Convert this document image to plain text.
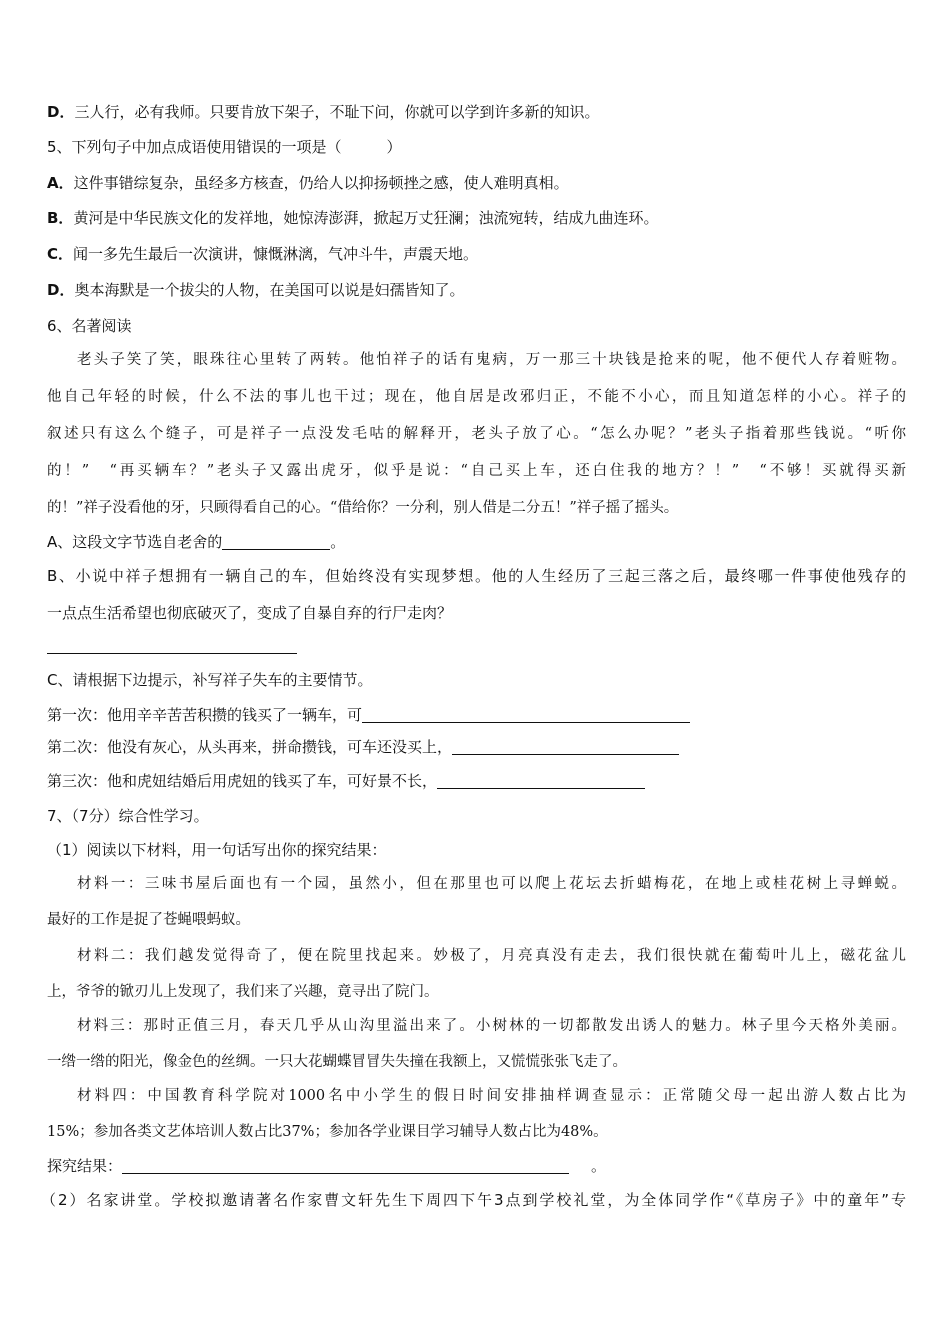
D．三人行，必有我师。只要肯放下架子，不耻下问，你就可以学到许多新的知识。
5、下列句子中加点成语使用错误的一项是（　　　）
A．这件事错综复杂，虽经多方核查，仍给人以抑扬顿挫之感，使人难明真相。
B．黄河是中华民族文化的发祥地，她惊涛澎湃，掀起万丈狂澜；浊流宛转，结成九曲连环。
C．闻一多先生最后一次演讲，慷慨淋漓，气冲斗牛，声震天地。
D．奥本海默是一个拔尖的人物，在美国可以说是妇孺皆知了。
6、名著阅读
老头子笑了笑，眼珠往心里转了两转。他怕祥子的话有鬼病，万一那三十块钱是抢来的呢，他不便代人存着赃物。
他自己年轻的时候，什么不法的事儿也干过；现在，他自居是改邪归正，不能不小心，而且知道怎样的小心。祥子的
叙述只有这么个缝子，可是祥子一点没发毛咕的解释开，老头子放了心。“怎么办呢？”老头子指着那些钱说。“听你
的！”　“再买辆车？”老头子又露出虎牙，似乎是说：“自己买上车，还白住我的地方？！”　“不够！买就得买新
的！”祥子没看他的牙，只顾得看自己的心。“借给你？一分利，别人借是二分五！”祥子摇了摇头。
A、这段文字节选自老舍的	。
B、小说中祥子想拥有一辆自己的车，但始终没有实现梦想。他的人生经历了三起三落之后，最终哪一件事使他残存的
一点点生活希望也彻底破灭了，变成了自暴自弃的行尸走肉？
C、请根据下边提示，补写祥子失车的主要情节。
第一次：他用辛辛苦苦积攒的钱买了一辆车，可
第二次：他没有灰心，从头再来，拼命攒钱，可车还没买上，
第三次：他和虎妞结婚后用虎妞的钱买了车，可好景不长，
7、（7分）综合性学习。
（1）阅读以下材料，用一句话写出你的探究结果：
材料一：三味书屋后面也有一个园，虽然小，但在那里也可以爬上花坛去折蜡梅花，在地上或桂花树上寻蝉蜕。
最好的工作是捉了苍蝇喂蚂蚁。
材料二：我们越发觉得奇了，便在院里找起来。妙极了，月亮真没有走去，我们很快就在葡萄叶儿上，磁花盆儿
上，爷爷的锨刃儿上发现了，我们来了兴趣，竟寻出了院门。
材料三：那时正值三月，春天几乎从山沟里溢出来了。小树林的一切都散发出诱人的魅力。林子里今天格外美丽。
一绺一绺的阳光，像金色的丝绸。一只大花蝴蝶冒冒失失撞在我额上，又慌慌张张飞走了。
材料四：中国教育科学院对1000名中小学生的假日时间安排抽样调查显示：正常随父母一起出游人数占比为
15%；参加各类文艺体培训人数占比37%；参加各学业课目学习辅导人数占比为48%。
探究结果：	。
（2）名家讲堂。学校拟邀请著名作家曹文轩先生下周四下午3点到学校礼堂，为全体同学作“《草房子》中的童年”专
